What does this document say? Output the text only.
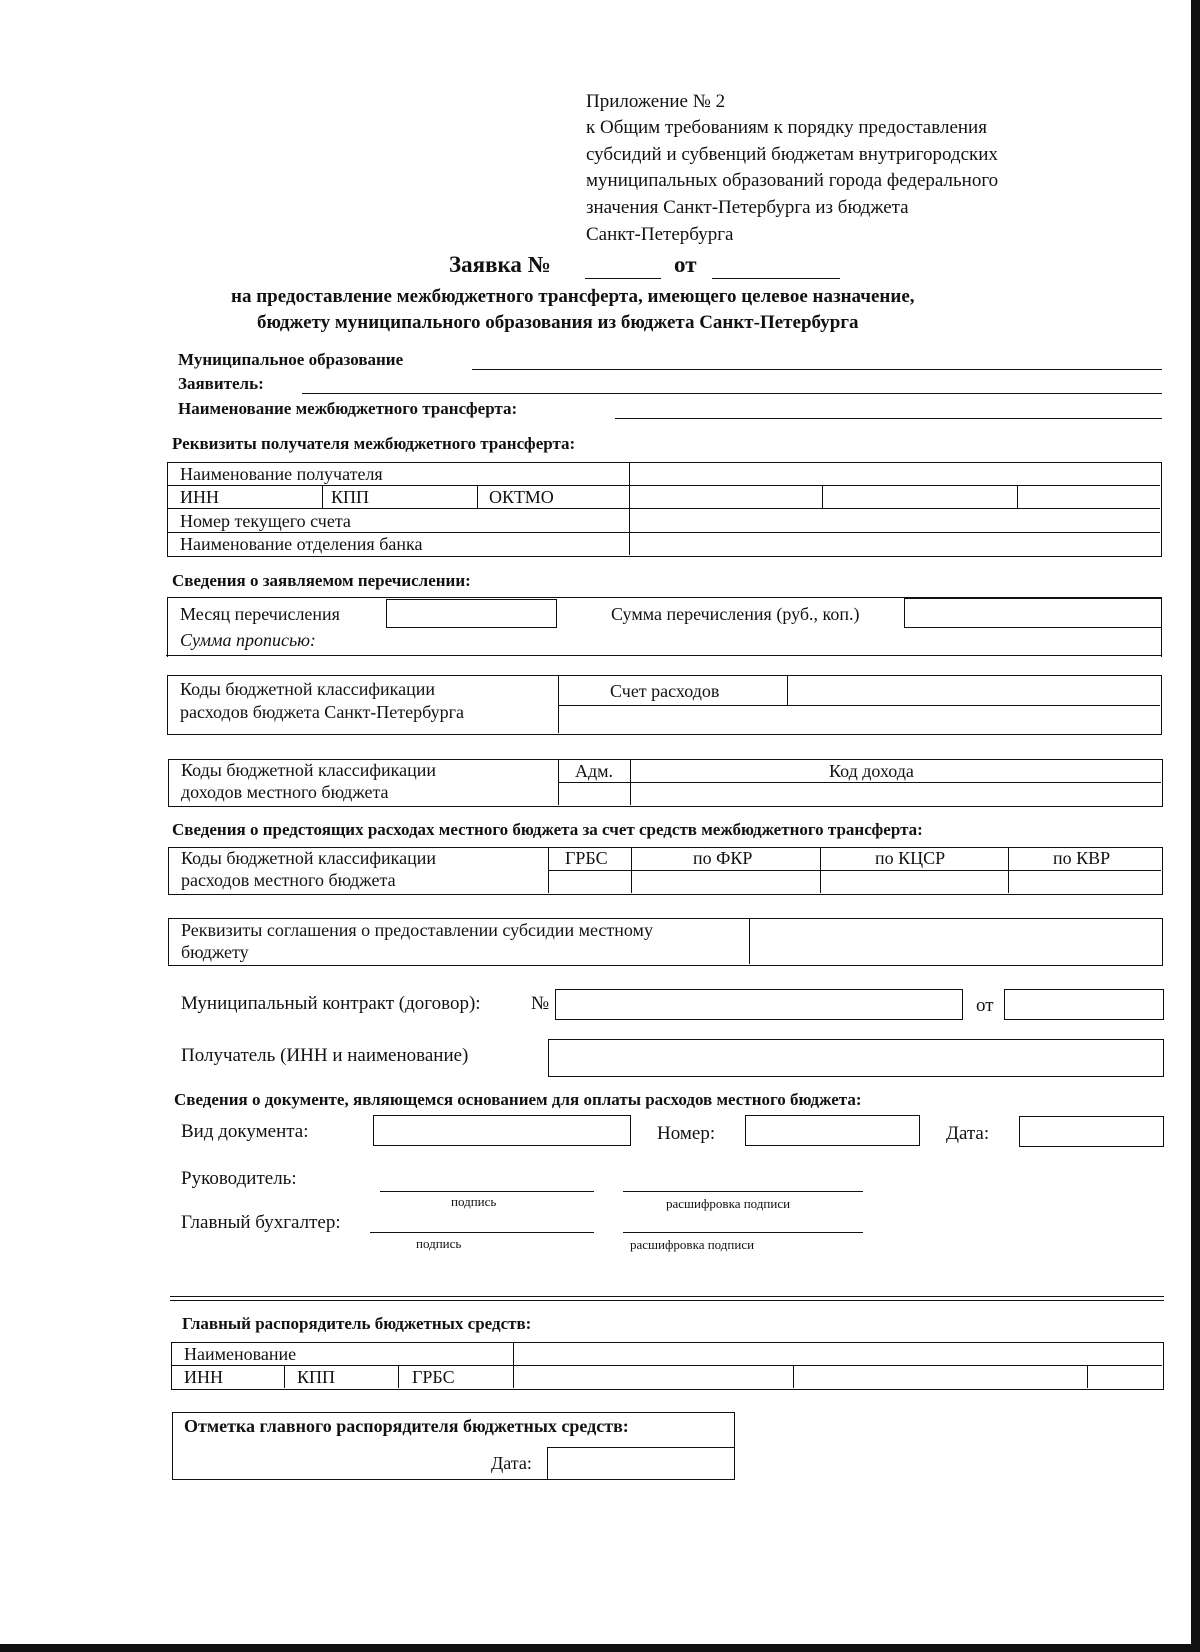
Приложение № 2
к Общим требованиям к порядку предоставления
субсидий и субвенций бюджетам внутригородских
муниципальных образований города федерального
значения Санкт-Петербурга из бюджета
Санкт-Петербурга
Заявка №	от
на предоставление межбюджетного трансферта, имеющего целевое назначение,
бюджету муниципального образования из бюджета Санкт-Петербурга
Муниципальное образование
Заявитель:
Наименование межбюджетного трансферта:
Реквизиты получателя межбюджетного трансферта:
Наименование получателя
ИНН	КПП	ОКТМО
Номер текущего счета
Наименование отделения банка
Сведения о заявляемом перечислении:
Месяц перечисления	Сумма перечисления (руб., коп.)
Сумма прописью:
Коды бюджетной классификации
расходов бюджета Санкт-Петербурга
Счет расходов
Коды бюджетной классификации
доходов местного бюджета
Адм.	Код дохода
Сведения о предстоящих расходах местного бюджета за счет средств межбюджетного трансферта:
Коды бюджетной классификации
расходов местного бюджета
ГРБС	по ФКР	по КЦСР	по КВР
Реквизиты соглашения о предоставлении субсидии местному
бюджету
Муниципальный контракт (договор):	№	от
Получатель (ИНН и наименование)
Сведения о документе, являющемся основанием для оплаты расходов местного бюджета:
Вид документа:	Номер:	Дата:
Руководитель:
подпись	расшифровка подписи
Главный бухгалтер:
подпись	расшифровка подписи
Главный распорядитель бюджетных средств:
Наименование
ИНН	КПП	ГРБС
Отметка главного распорядителя бюджетных средств:
Дата:
